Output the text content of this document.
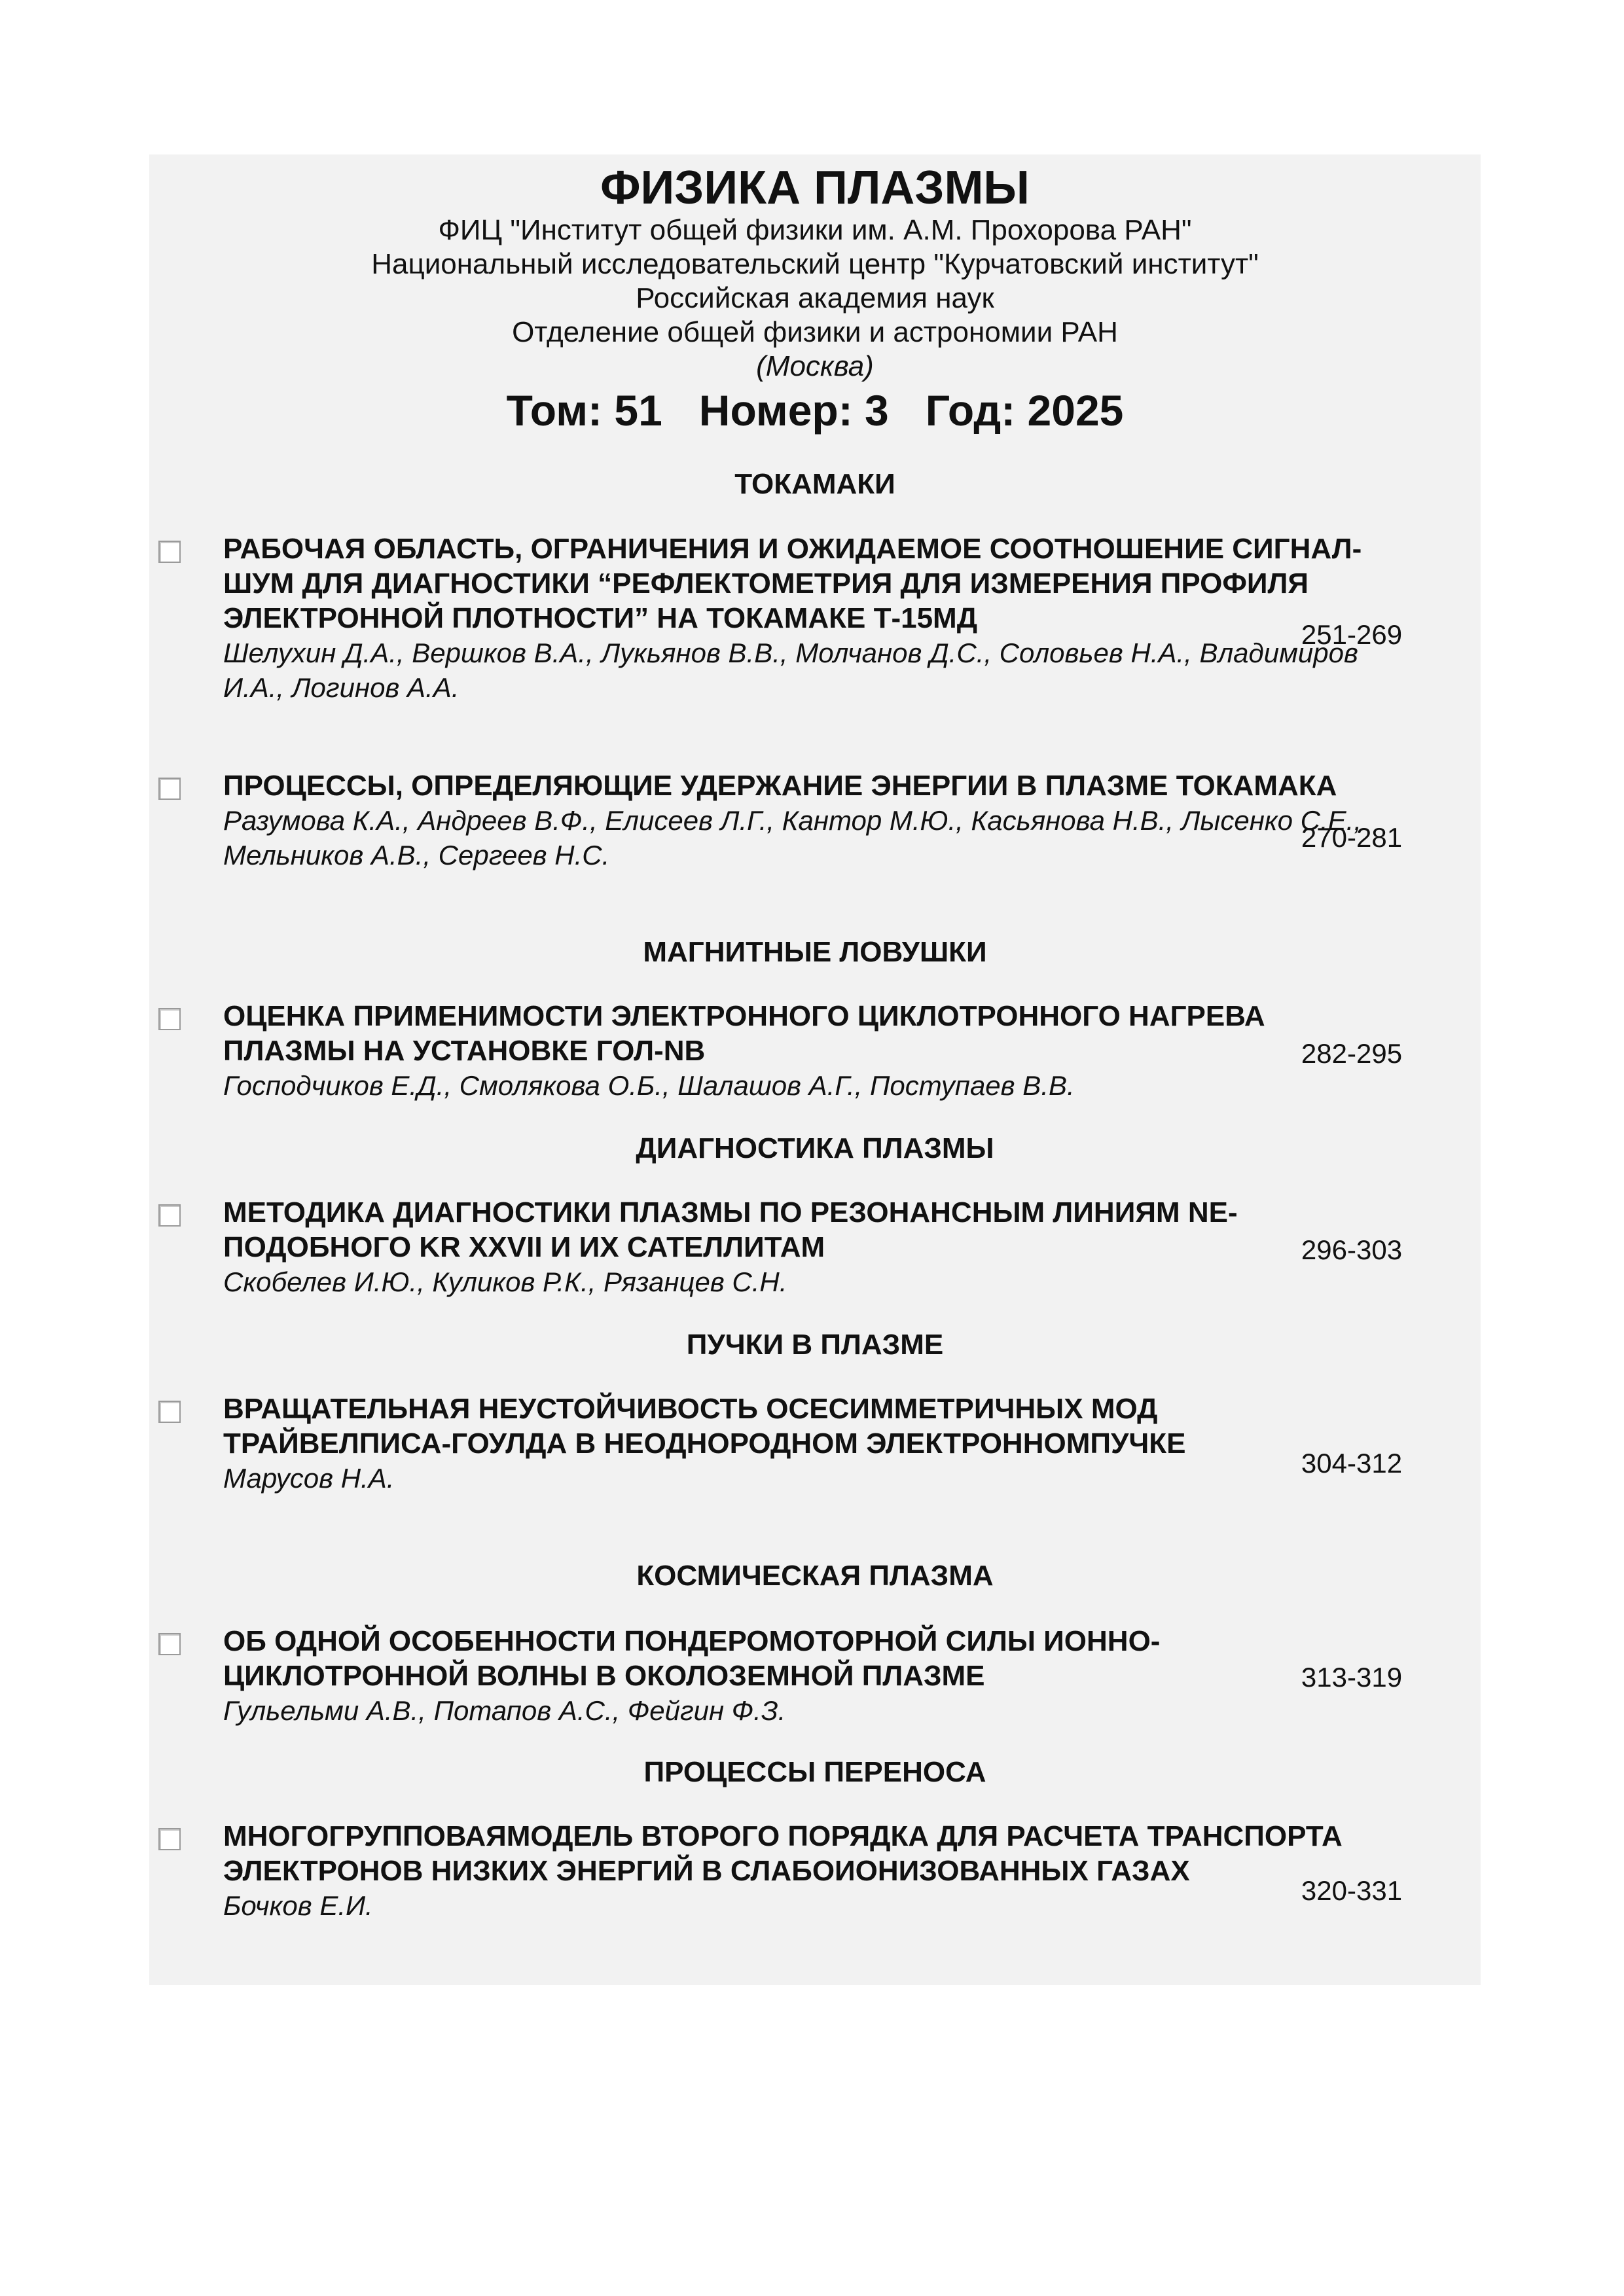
ФИЗИКА ПЛАЗМЫ
ФИЦ "Институт общей физики им. А.М. Прохорова РАН"
Национальный исследовательский центр "Курчатовский институт"
Российская академия наук
Отделение общей физики и астрономии РАН
(Москва)
Том: 51 Номер: 3 Год: 2025
ТОКАМАКИ
РАБОЧАЯ ОБЛАСТЬ, ОГРАНИЧЕНИЯ И ОЖИДАЕМОЕ СООТНОШЕНИЕ СИГНАЛ-ШУМ ДЛЯ ДИАГНОСТИКИ “РЕФЛЕКТОМЕТРИЯ ДЛЯ ИЗМЕРЕНИЯ ПРОФИЛЯ ЭЛЕКТРОННОЙ ПЛОТНОСТИ” НА ТОКАМАКЕ Т-15МД
Шелухин Д.А., Вершков В.А., Лукьянов В.В., Молчанов Д.С., Соловьев Н.А., Владимиров И.А., Логинов А.А.
251-269
ПРОЦЕССЫ, ОПРЕДЕЛЯЮЩИЕ УДЕРЖАНИЕ ЭНЕРГИИ В ПЛАЗМЕ ТОКАМАКА
Разумова К.А., Андреев В.Ф., Елисеев Л.Г., Кантор М.Ю., Касьянова Н.В., Лысенко С.Е., Мельников А.В., Сергеев Н.С.
270-281
МАГНИТНЫЕ ЛОВУШКИ
ОЦЕНКА ПРИМЕНИМОСТИ ЭЛЕКТРОННОГО ЦИКЛОТРОННОГО НАГРЕВА ПЛАЗМЫ НА УСТАНОВКЕ ГОЛ-NB
Господчиков Е.Д., Смолякова О.Б., Шалашов А.Г., Поступаев В.В.
282-295
ДИАГНОСТИКА ПЛАЗМЫ
МЕТОДИКА ДИАГНОСТИКИ ПЛАЗМЫ ПО РЕЗОНАНСНЫМ ЛИНИЯМ NE-ПОДОБНОГО KR XXVII И ИХ САТЕЛЛИТАМ
Скобелев И.Ю., Куликов Р.К., Рязанцев С.Н.
296-303
ПУЧКИ В ПЛАЗМЕ
ВРАЩАТЕЛЬНАЯ НЕУСТОЙЧИВОСТЬ ОСЕСИММЕТРИЧНЫХ МОД ТРАЙВЕЛПИСА-ГОУЛДА В НЕОДНОРОДНОМ ЭЛЕКТРОННОМПУЧКЕ
Марусов Н.А.	304-312
КОСМИЧЕСКАЯ ПЛАЗМА
ОБ ОДНОЙ ОСОБЕННОСТИ ПОНДЕРОМОТОРНОЙ СИЛЫ ИОННО-ЦИКЛОТРОННОЙ ВОЛНЫ В ОКОЛОЗЕМНОЙ ПЛАЗМЕ
Гульельми А.В., Потапов А.С., Фейгин Ф.З.
313-319
ПРОЦЕССЫ ПЕРЕНОСА
МНОГОГРУППОВАЯМОДЕЛЬ ВТОРОГО ПОРЯДКА ДЛЯ РАСЧЕТА ТРАНСПОРТА ЭЛЕКТРОНОВ НИЗКИХ ЭНЕРГИЙ В СЛАБОИОНИЗОВАННЫХ ГАЗАХ
Бочков Е.И.	320-331
